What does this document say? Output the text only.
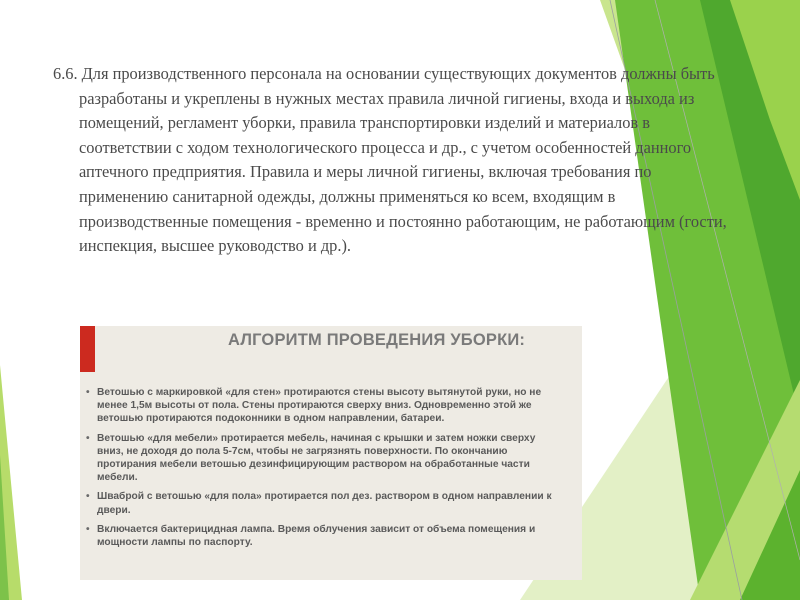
6.6. Для производственного персонала на основании существующих документов должны быть разработаны и укреплены в нужных местах правила личной гигиены, входа и выхода из помещений, регламент уборки, правила транспортировки изделий и материалов в соответствии с ходом технологического процесса и др., с учетом особенностей данного аптечного предприятия. Правила и меры личной гигиены, включая требования по применению санитарной одежды, должны применяться ко всем, входящим в производственные помещения - временно и постоянно работающим, не работающим (гости, инспекция, высшее руководство и др.).

АЛГОРИТМ ПРОВЕДЕНИЯ УБОРКИ:
• Ветошью с маркировкой «для стен» протираются стены высоту вытянутой руки, но не менее 1,5м высоты от пола. Стены протираются сверху вниз. Одновременно этой же ветошью протираются подоконники в одном направлении, батареи.
• Ветошью «для мебели» протирается мебель, начиная с крышки и затем ножки сверху вниз, не доходя до пола 5-7см, чтобы не загрязнять поверхности. По окончанию протирания мебели ветошью дезинфицирующим раствором на обработанные части мебели.
• Шваброй с ветошью «для пола» протирается пол дез. раствором в одном направлении к двери.
• Включается бактерицидная лампа. Время облучения зависит от объема помещения и мощности лампы по паспорту.
